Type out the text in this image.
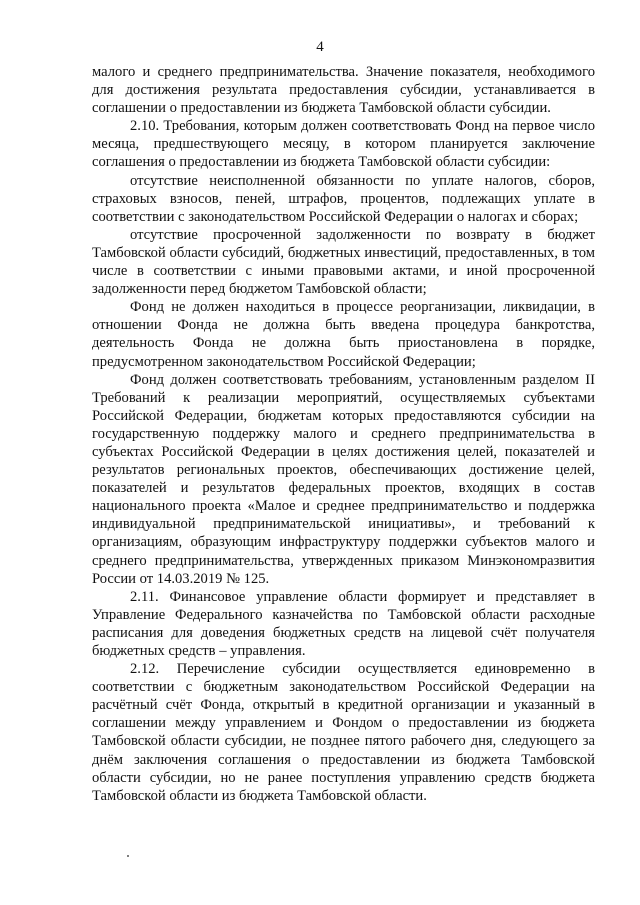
4

малого и среднего предпринимательства. Значение показателя, необходимого для достижения результата предоставления субсидии, устанавливается в соглашении о предоставлении из бюджета Тамбовской области субсидии.

2.10. Требования, которым должен соответствовать Фонд на первое число месяца, предшествующего месяцу, в котором планируется заключение соглашения о предоставлении из бюджета Тамбовской области субсидии:

отсутствие неисполненной обязанности по уплате налогов, сборов, страховых взносов, пеней, штрафов, процентов, подлежащих уплате в соответствии с законодательством Российской Федерации о налогах и сборах;

отсутствие просроченной задолженности по возврату в бюджет Тамбовской области субсидий, бюджетных инвестиций, предоставленных, в том числе в соответствии с иными правовыми актами, и иной просроченной задолженности перед бюджетом Тамбовской области;

Фонд не должен находиться в процессе реорганизации, ликвидации, в отношении Фонда не должна быть введена процедура банкротства, деятельность Фонда не должна быть приостановлена в порядке, предусмотренном законодательством Российской Федерации;

Фонд должен соответствовать требованиям, установленным разделом II Требований к реализации мероприятий, осуществляемых субъектами Российской Федерации, бюджетам которых предоставляются субсидии на государственную поддержку малого и среднего предпринимательства в субъектах Российской Федерации в целях достижения целей, показателей и результатов региональных проектов, обеспечивающих достижение целей, показателей и результатов федеральных проектов, входящих в состав национального проекта «Малое и среднее предпринимательство и поддержка индивидуальной предпринимательской инициативы», и требований к организациям, образующим инфраструктуру поддержки субъектов малого и среднего предпринимательства, утвержденных приказом Минэкономразвития России от 14.03.2019 № 125.

2.11. Финансовое управление области формирует и представляет в Управление Федерального казначейства по Тамбовской области расходные расписания для доведения бюджетных средств на лицевой счёт получателя бюджетных средств – управления.

2.12. Перечисление субсидии осуществляется единовременно в соответствии с бюджетным законодательством Российской Федерации на расчётный счёт Фонда, открытый в кредитной организации и указанный в соглашении между управлением и Фондом о предоставлении из бюджета Тамбовской области субсидии, не позднее пятого рабочего дня, следующего за днём заключения соглашения о предоставлении из бюджета Тамбовской области субсидии, но не ранее поступления управлению средств бюджета Тамбовской области из бюджета Тамбовской области.
